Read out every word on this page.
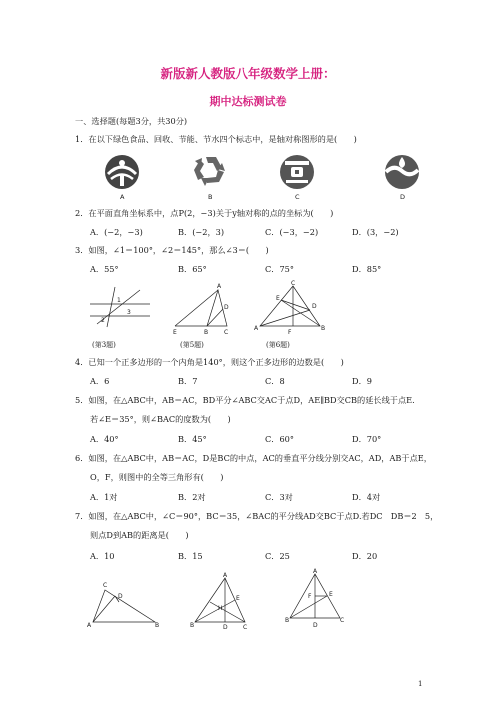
新版新人教版八年级数学上册：
期中达标测试卷
一、选择题(每题3分，共30分)
1．在以下绿色食品、回收、节能、节水四个标志中，是轴对称图形的是(　　)
A	B	C	D
2．在平面直角坐标系中，点P(2，−3)关于y轴对称的点的坐标为(　　)
A．(−2，−3)	B．(−2，3)	C．(−3，−2)	D．(3，−2)
3．如图，∠1＝100°，∠2＝145°，那么∠3＝(　　)
A．55°	B．65°	C．75°	D．85°
1
2
3
A
E	B	C
D
C
A	B
E
D
F
(第3题)	(第5题)	(第6题)
4．已知一个正多边形的一个内角是140°，则这个正多边形的边数是(　　)
A．6	B．7	C．8	D．9
5．如图，在△ABC中，AB＝AC，BD平分∠ABC交AC于点D，AE∥BD交CB的延长线于点E.
若∠E＝35°，则∠BAC的度数为(　　)
A．40°	B．45°	C．60°	D．70°
6．如图，在△ABC中，AB＝AC，D是BC的中点，AC的垂直平分线分别交AC，AD，AB于点E，
O，F，则图中的全等三角形有(　　)
A．1对	B．2对	C．3对	D．4对
7．如图，在△ABC中，∠C＝90°，BC＝35，∠BAC的平分线AD交BC于点D.若DC　DB＝2　5，
则点D到AB的距离是(　　)
A．10	B．15	C．25	D．20
C
D
A	B
A
B	D	C
E
H
A
B	C
D
F	E
1
